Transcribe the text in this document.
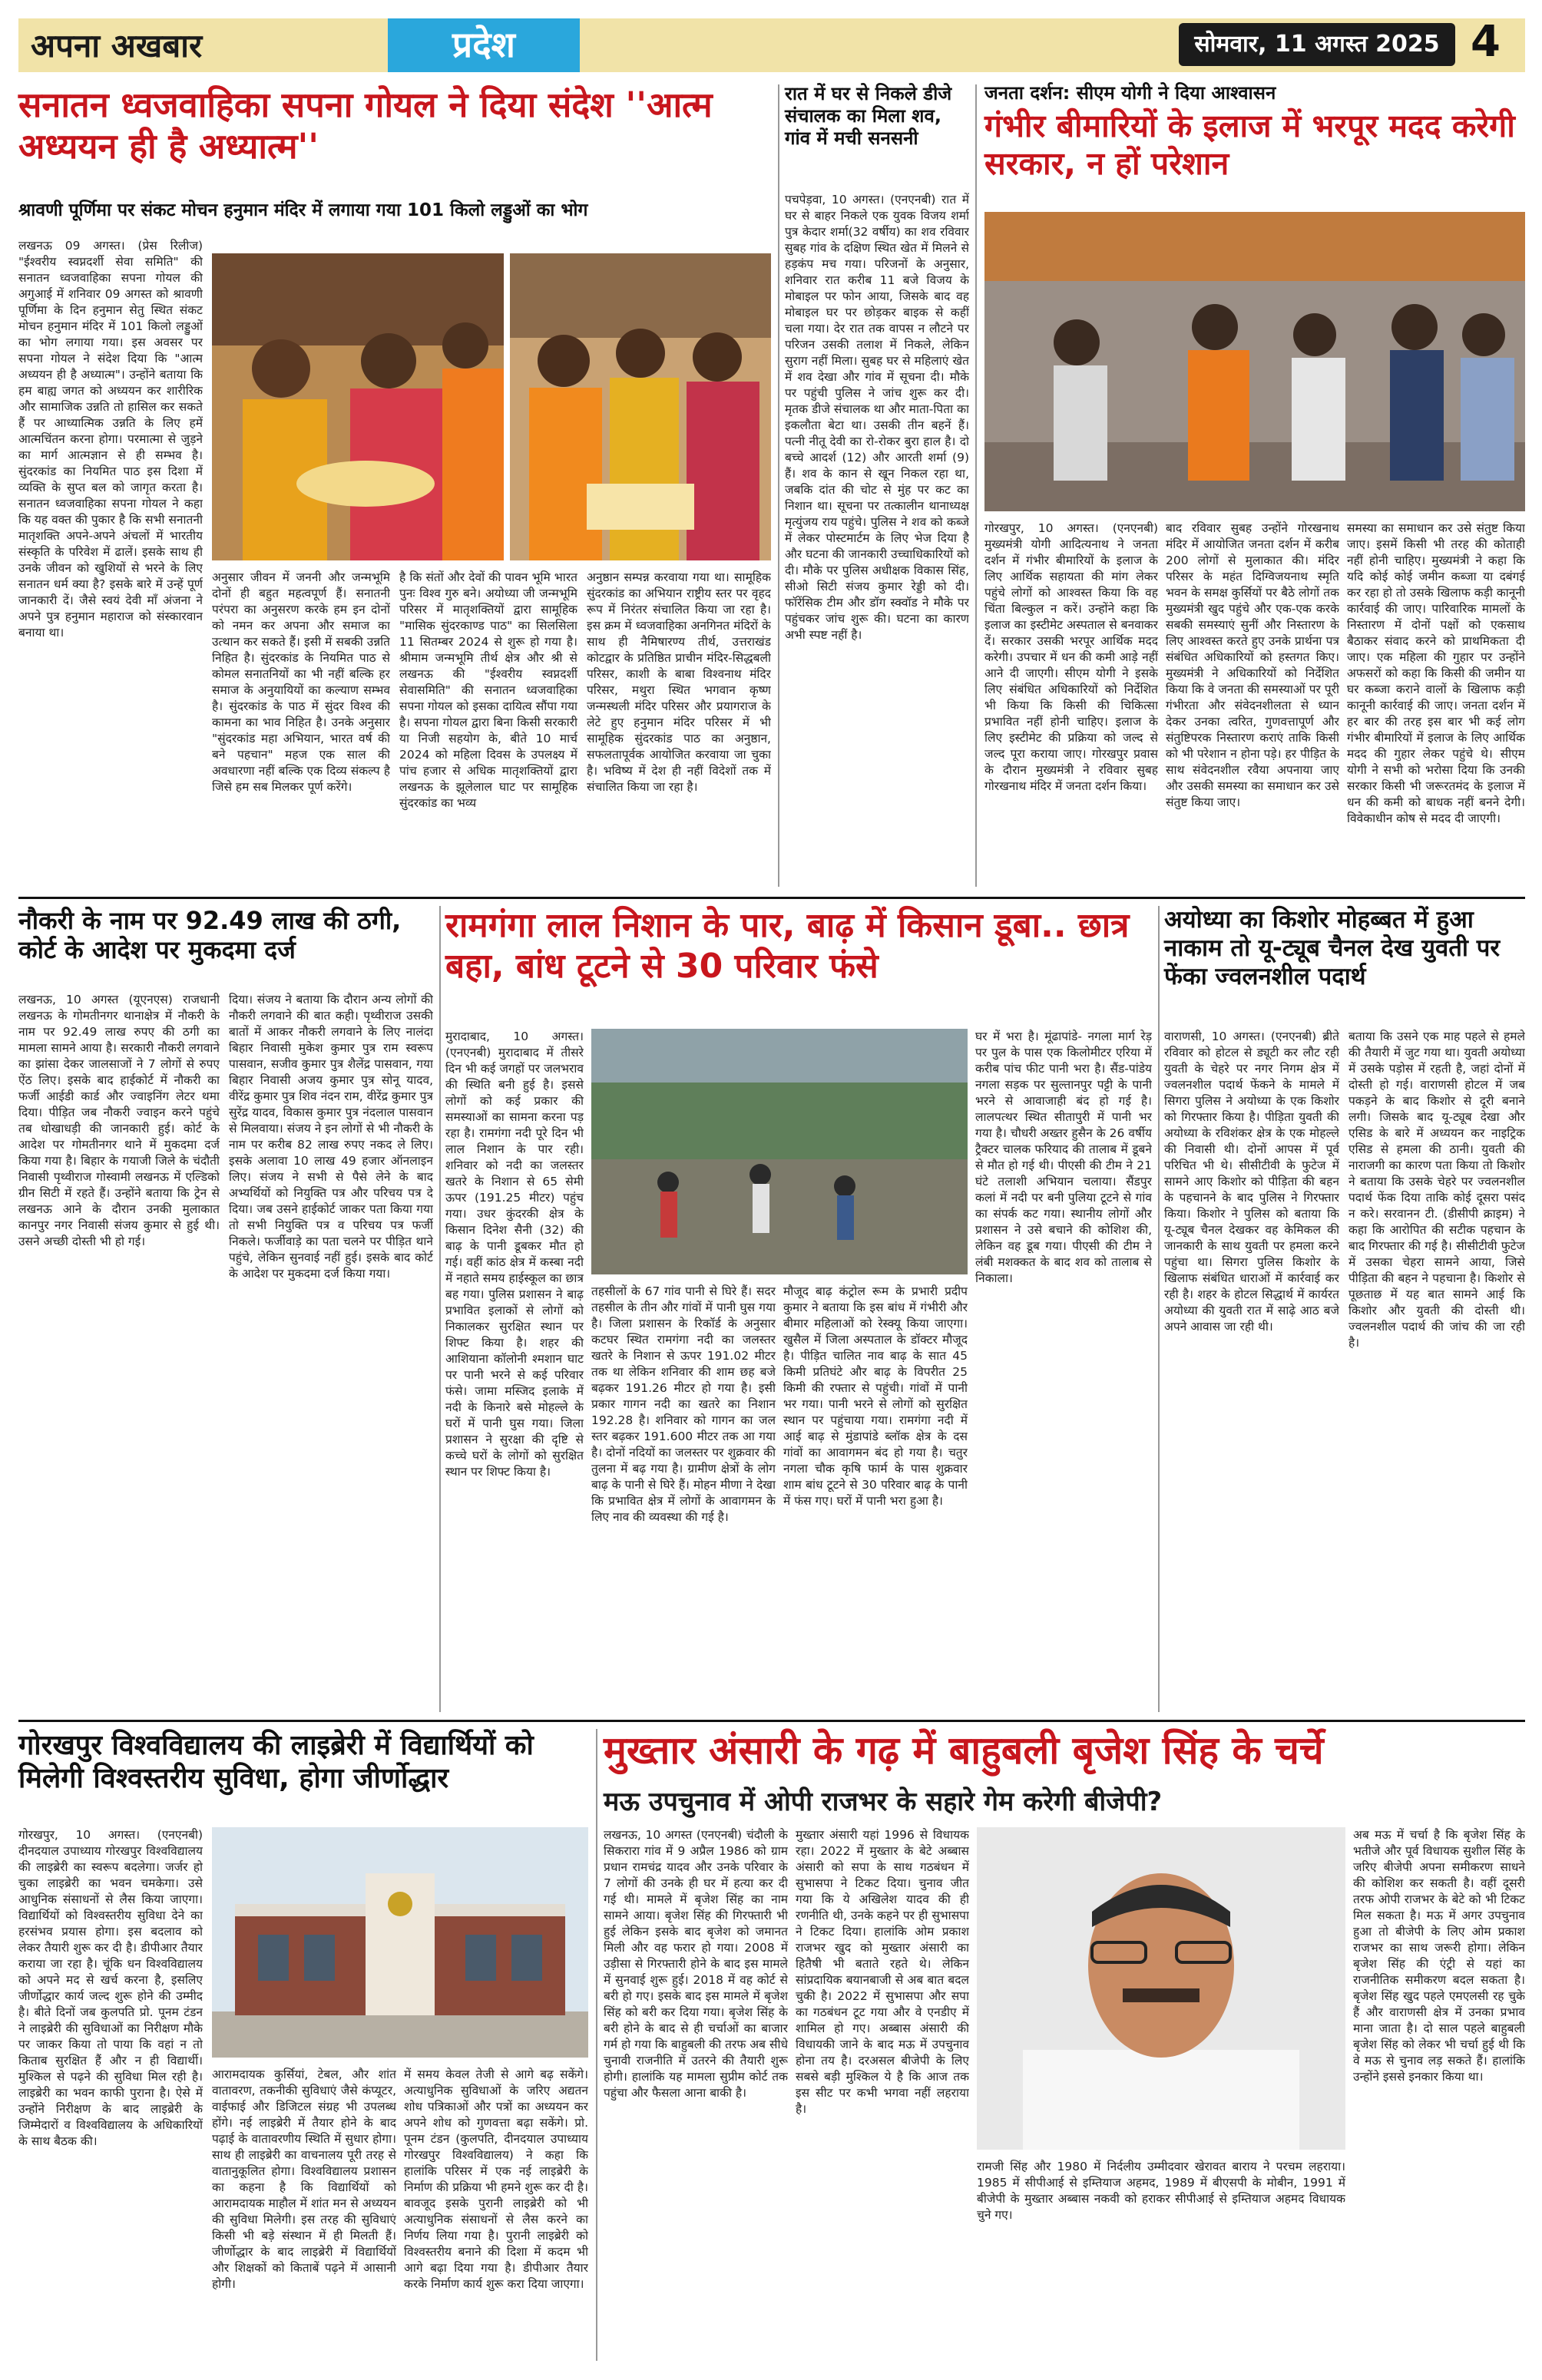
अपना अखबार	प्रदेश	सोमवार, 11 अगस्त 2025 4
सनातन ध्वजवाहिका सपना गोयल ने दिया संदेश ''आत्म अध्ययन ही है अध्यात्म''
श्रावणी पूर्णिमा पर संकट मोचन हनुमान मंदिर में लगाया गया 101 किलो लड्डुओं का भोग
लखनऊ 09 अगस्त। (प्रेस रिलीज) "ईश्वरीय स्वप्नदर्शी सेवा समिति" की सनातन ध्वजवाहिका सपना गोयल की अगुआई में शनिवार 09 अगस्त को श्रावणी पूर्णिमा के दिन हनुमान सेतु स्थित संकट मोचन हनुमान मंदिर में 101 किलो लड्डुओं का भोग लगाया गया। इस अवसर पर सपना गोयल ने संदेश दिया कि "आत्म अध्ययन ही है अध्यात्म"। उन्होंने बताया कि हम बाह्य जगत को अध्ययन कर शारीरिक और सामाजिक उन्नति तो हासिल कर सकते हैं पर आध्यात्मिक उन्नति के लिए हमें आत्मचिंतन करना होगा। परमात्मा से जुड़ने का मार्ग आत्मज्ञान से ही सम्भव है। सुंदरकांड का नियमित पाठ इस दिशा में व्यक्ति के सुप्त बल को जागृत करता है। सनातन ध्वजवाहिका सपना गोयल ने कहा कि यह वक्त की पुकार है कि सभी सनातनी मातृशक्ति अपने-अपने अंचलों में भारतीय संस्कृति के परिवेश में ढालें। इसके साथ ही उनके जीवन को खुशियों से भरने के लिए सनातन धर्म क्या है? इसके बारे में उन्हें पूर्ण जानकारी दें। जैसे स्वयं देवी माँ अंजना ने अपने पुत्र हनुमान महाराज को संस्कारवान बनाया था।
अनुसार जीवन में जननी और जन्मभूमि दोनों ही बहुत महत्वपूर्ण हैं। सनातनी परंपरा का अनुसरण करके हम इन दोनों को नमन कर अपना और समाज का उत्थान कर सकते हैं। इसी में सबकी उन्नति निहित है। सुंदरकांड के नियमित पाठ से कोमल सनातनियों का भी नहीं बल्कि हर समाज के अनुयायियों का कल्याण सम्भव है। सुंदरकांड के पाठ में सुंदर विश्व की कामना का भाव निहित है। उनके अनुसार "सुंदरकांड महा अभियान, भारत वर्ष की बने पहचान" महज एक साल की अवधारणा नहीं बल्कि एक दिव्य संकल्प है जिसे हम सब मिलकर पूर्ण करेंगे।
है कि संतों और देवों की पावन भूमि भारत पुनः विश्व गुरु बने। अयोध्या जी जन्मभूमि परिसर में मातृशक्तियों द्वारा सामूहिक "मासिक सुंदरकाण्ड पाठ" का सिलसिला 11 सितम्बर 2024 से शुरू हो गया है। श्रीमाम जन्मभूमि तीर्थ क्षेत्र और श्री से लखनऊ की "ईश्वरीय स्वप्नदर्शी सेवासमिति" की सनातन ध्वजवाहिका सपना गोयल को इसका दायित्व सौंपा गया है। सपना गोयल द्वारा बिना किसी सरकारी या निजी सहयोग के, बीते 10 मार्च 2024 को महिला दिवस के उपलक्ष्य में पांच हजार से अधिक मातृशक्तियों द्वारा लखनऊ के झूलेलाल घाट पर सामूहिक सुंदरकांड का भव्य
अनुष्ठान सम्पन्न करवाया गया था। सामूहिक सुंदरकांड का अभियान राष्ट्रीय स्तर पर वृहद रूप में निरंतर संचालित किया जा रहा है। इस क्रम में ध्वजवाहिका अनगिनत मंदिरों के साथ ही नैमिषारण्य तीर्थ, उत्तराखंड कोटद्वार के प्रतिष्ठित प्राचीन मंदिर-सिद्धबली परिसर, काशी के बाबा विश्वनाथ मंदिर परिसर, मथुरा स्थित भगवान कृष्ण जन्मस्थली मंदिर परिसर और प्रयागराज के लेटे हुए हनुमान मंदिर परिसर में भी सामूहिक सुंदरकांड पाठ का अनुष्ठान, सफलतापूर्वक आयोजित करवाया जा चुका है। भविष्य में देश ही नहीं विदेशों तक में संचालित किया जा रहा है।
रात में घर से निकले डीजे संचालक का मिला शव, गांव में मची सनसनी
पचपेड़वा, 10 अगस्त। (एनएनबी) रात में घर से बाहर निकले एक युवक विजय शर्मा पुत्र केदार शर्मा(32 वर्षीय) का शव रविवार सुबह गांव के दक्षिण स्थित खेत में मिलने से हड़कंप मच गया। परिजनों के अनुसार, शनिवार रात करीब 11 बजे विजय के मोबाइल पर फोन आया, जिसके बाद वह मोबाइल घर पर छोड़कर बाइक से कहीं चला गया। देर रात तक वापस न लौटने पर परिजन उसकी तलाश में निकले, लेकिन सुराग नहीं मिला। सुबह घर से महिलाएं खेत में शव देखा और गांव में सूचना दी। मौके पर पहुंची पुलिस ने जांच शुरू कर दी। मृतक डीजे संचालक था और माता-पिता का इकलौता बेटा था। उसकी तीन बहनें हैं। पत्नी नीतू देवी का रो-रोकर बुरा हाल है। दो बच्चे आदर्श (12) और आरती शर्मा (9) हैं। शव के कान से खून निकल रहा था, जबकि दांत की चोट से मुंह पर कट का निशान था। सूचना पर तत्कालीन थानाध्यक्ष मृत्युंजय राय पहुंचे। पुलिस ने शव को कब्जे में लेकर पोस्टमार्टम के लिए भेज दिया है और घटना की जानकारी उच्चाधिकारियों को दी। मौके पर पुलिस अधीक्षक विकास सिंह, सीओ सिटी संजय कुमार रेड्डी को दी। फॉरेंसिक टीम और डॉग स्क्वॉड ने मौके पर पहुंचकर जांच शुरू की। घटना का कारण अभी स्पष्ट नहीं है।
जनता दर्शन: सीएम योगी ने दिया आश्वासन
गंभीर बीमारियों के इलाज में भरपूर मदद करेगी सरकार, न हों परेशान
गोरखपुर, 10 अगस्त। (एनएनबी) मुख्यमंत्री योगी आदित्यनाथ ने जनता दर्शन में गंभीर बीमारियों के इलाज के लिए आर्थिक सहायता की मांग लेकर पहुंचे लोगों को आश्वस्त किया कि वह चिंता बिल्कुल न करें। उन्होंने कहा कि इलाज का इस्टीमेट अस्पताल से बनवाकर दें। सरकार उसकी भरपूर आर्थिक मदद करेगी। उपचार में धन की कमी आड़े नहीं आने दी जाएगी। सीएम योगी ने इसके लिए संबंधित अधिकारियों को निर्देशित भी किया कि किसी की चिकित्सा प्रभावित नहीं होनी चाहिए। इलाज के लिए इस्टीमेट की प्रक्रिया को जल्द से जल्द पूरा कराया जाए। गोरखपुर प्रवास के दौरान मुख्यमंत्री ने रविवार सुबह गोरखनाथ मंदिर में जनता दर्शन किया।
बाद रविवार सुबह उन्होंने गोरखनाथ मंदिर में आयोजित जनता दर्शन में करीब 200 लोगों से मुलाकात की। मंदिर परिसर के महंत दिग्विजयनाथ स्मृति भवन के समक्ष कुर्सियों पर बैठे लोगों तक मुख्यमंत्री खुद पहुंचे और एक-एक करके सबकी समस्याएं सुनीं और निस्तारण के लिए आश्वस्त करते हुए उनके प्रार्थना पत्र संबंधित अधिकारियों को हस्तगत किए। मुख्यमंत्री ने अधिकारियों को निर्देशित किया कि वे जनता की समस्याओं पर पूरी गंभीरता और संवेदनशीलता से ध्यान देकर उनका त्वरित, गुणवत्तापूर्ण और संतुष्टिपरक निस्तारण कराएं ताकि किसी को भी परेशान न होना पड़े। हर पीड़ित के साथ संवेदनशील रवैया अपनाया जाए और उसकी समस्या का समाधान कर उसे संतुष्ट किया जाए।
समस्या का समाधान कर उसे संतुष्ट किया जाए। इसमें किसी भी तरह की कोताही नहीं होनी चाहिए। मुख्यमंत्री ने कहा कि यदि कोई कोई जमीन कब्जा या दबंगई कर रहा हो तो उसके खिलाफ कड़ी कानूनी कार्रवाई की जाए। पारिवारिक मामलों के निस्तारण में दोनों पक्षों को एकसाथ बैठाकर संवाद करने को प्राथमिकता दी जाए। एक महिला की गुहार पर उन्होंने अफसरों को कहा कि किसी की जमीन या घर कब्जा कराने वालों के खिलाफ कड़ी कानूनी कार्रवाई की जाए। जनता दर्शन में हर बार की तरह इस बार भी कई लोग गंभीर बीमारियों में इलाज के लिए आर्थिक मदद की गुहार लेकर पहुंचे थे। सीएम योगी ने सभी को भरोसा दिया कि उनकी सरकार किसी भी जरूरतमंद के इलाज में धन की कमी को बाधक नहीं बनने देगी। विवेकाधीन कोष से मदद दी जाएगी।
नौकरी के नाम पर 92.49 लाख की ठगी, कोर्ट के आदेश पर मुकदमा दर्ज
लखनऊ, 10 अगस्त (यूएनएस) राजधानी लखनऊ के गोमतीनगर थानाक्षेत्र में नौकरी के नाम पर 92.49 लाख रुपए की ठगी का मामला सामने आया है। सरकारी नौकरी लगवाने का झांसा देकर जालसाजों ने 7 लोगों से रुपए ऐंठ लिए। इसके बाद हाईकोर्ट में नौकरी का फर्जी आईडी कार्ड और ज्वाइनिंग लेटर थमा दिया। पीड़ित जब नौकरी ज्वाइन करने पहुंचे तब धोखाधड़ी की जानकारी हुई। कोर्ट के आदेश पर गोमतीनगर थाने में मुकदमा दर्ज किया गया है। बिहार के गयाजी जिले के चंदौती निवासी पृथ्वीराज गोस्वामी लखनऊ में एल्डिको ग्रीन सिटी में रहते हैं। उन्होंने बताया कि ट्रेन से लखनऊ आने के दौरान उनकी मुलाकात कानपुर नगर निवासी संजय कुमार से हुई थी। उसने अच्छी दोस्ती भी हो गई।
दिया। संजय ने बताया कि दौरान अन्य लोगों की नौकरी लगवाने की बात कही। पृथ्वीराज उसकी बातों में आकर नौकरी लगवाने के लिए नालंदा बिहार निवासी मुकेश कुमार पुत्र राम स्वरूप पासवान, सजीव कुमार पुत्र शैलेंद्र पासवान, गया बिहार निवासी अजय कुमार पुत्र सोनू यादव, वीरेंद्र कुमार पुत्र शिव नंदन राम, वीरेंद्र कुमार पुत्र सुरेंद्र यादव, विकास कुमार पुत्र नंदलाल पासवान से मिलवाया। संजय ने इन लोगों से भी नौकरी के नाम पर करीब 82 लाख रुपए नकद ले लिए। इसके अलावा 10 लाख 49 हजार ऑनलाइन लिए। संजय ने सभी से पैसे लेने के बाद अभ्यर्थियों को नियुक्ति पत्र और परिचय पत्र दे दिया। जब उसने हाईकोर्ट जाकर पता किया गया तो सभी नियुक्ति पत्र व परिचय पत्र फर्जी निकले। फर्जीवाड़े का पता चलने पर पीड़ित थाने पहुंचे, लेकिन सुनवाई नहीं हुई। इसके बाद कोर्ट के आदेश पर मुकदमा दर्ज किया गया।
रामगंगा लाल निशान के पार, बाढ़ में किसान डूबा.. छात्र बहा, बांध टूटने से 30 परिवार फंसे
मुरादाबाद, 10 अगस्त। (एनएनबी) मुरादाबाद में तीसरे दिन भी कई जगहों पर जलभराव की स्थिति बनी हुई है। इससे लोगों को कई प्रकार की समस्याओं का सामना करना पड़ रहा है। रामगंगा नदी पूरे दिन भी लाल निशान के पार रही। शनिवार को नदी का जलस्तर खतरे के निशान से 65 सेमी ऊपर (191.25 मीटर) पहुंच गया। उधर कुंदरकी क्षेत्र के किसान दिनेश सैनी (32) की बाढ़ के पानी डूबकर मौत हो गई। वहीं कांठ क्षेत्र में कस्बा नदी में नहाते समय हाईस्कूल का छात्र बह गया। पुलिस प्रशासन ने बाढ़ प्रभावित इलाकों से लोगों को निकालकर सुरक्षित स्थान पर शिफ्ट किया है। शहर की आशियाना कॉलोनी श्मशान घाट पर पानी भरने से कई परिवार फंसे। जामा मस्जिद इलाके में नदी के किनारे बसे मोहल्ले के घरों में पानी घुस गया। जिला प्रशासन ने सुरक्षा की दृष्टि से कच्चे घरों के लोगों को सुरक्षित स्थान पर शिफ्ट किया है।
तहसीलों के 67 गांव पानी से घिरे हैं। सदर तहसील के तीन और गांवों में पानी घुस गया है। जिला प्रशासन के रिकॉर्ड के अनुसार कटघर स्थित रामगंगा नदी का जलस्तर खतरे के निशान से ऊपर 191.02 मीटर तक था लेकिन शनिवार की शाम छह बजे बढ़कर 191.26 मीटर हो गया है। इसी प्रकार गागन नदी का खतरे का निशान 192.28 है। शनिवार को गागन का जल स्तर बढ़कर 191.600 मीटर तक आ गया है। दोनों नदियों का जलस्तर पर शुक्रवार की तुलना में बढ़ गया है। ग्रामीण क्षेत्रों के लोग बाढ़ के पानी से घिरे हैं। मोहन मीणा ने देखा कि प्रभावित क्षेत्र में लोगों के आवागमन के लिए नाव की व्यवस्था की गई है।
मौजूद बाढ़ कंट्रोल रूम के प्रभारी प्रदीप कुमार ने बताया कि इस बांध में गंभीरी और बीमार महिलाओं को रेस्क्यू किया जाएगा। खुसैल में जिला अस्पताल के डॉक्टर मौजूद है। पीड़ित चालित नाव बाढ़ के सात 45 किमी प्रतिघंटे और बाढ़ के विपरीत 25 किमी की रफ्तार से पहुंची। गांवों में पानी भर गया। पानी भरने से लोगों को सुरक्षित स्थान पर पहुंचाया गया। रामगंगा नदी में आई बाढ़ से मुंडापांडे ब्लॉक क्षेत्र के दस गांवों का आवागमन बंद हो गया है। चतुर नगला चौक कृषि फार्म के पास शुक्रवार शाम बांध टूटने से 30 परिवार बाढ़ के पानी में फंस गए। घरों में पानी भरा हुआ है।
घर में भरा है। मूंढापांडे- नगला मार्ग रेड़ पर पुल के पास एक किलोमीटर एरिया में करीब पांच फीट पानी भरा है। सैंड-पांडेय नगला सड़क पर सुल्तानपुर पट्टी के पानी भरने से आवाजाही बंद हो गई है। लालपत्थर स्थित सीतापुरी में पानी भर गया है। चौधरी अख्तर हुसैन के 26 वर्षीय ट्रैक्टर चालक फरियाद की तालाब में डूबने से मौत हो गई थी। पीएसी की टीम ने 21 घंटे तलाशी अभियान चलाया। सैंडपुर कलां में नदी पर बनी पुलिया टूटने से गांव का संपर्क कट गया। स्थानीय लोगों और प्रशासन ने उसे बचाने की कोशिश की, लेकिन वह डूब गया। पीएसी की टीम ने लंबी मशक्कत के बाद शव को तालाब से निकाला।
अयोध्या का किशोर मोहब्बत में हुआ नाकाम तो यू-ट्यूब चैनल देख युवती पर फेंका ज्वलनशील पदार्थ
वाराणसी, 10 अगस्त। (एनएनबी) ब्रीते रविवार को होटल से ड्यूटी कर लौट रही युवती के चेहरे पर नगर निगम क्षेत्र में ज्वलनशील पदार्थ फेंकने के मामले में सिगरा पुलिस ने अयोध्या के एक किशोर को गिरफ्तार किया है। पीड़िता युवती की अयोध्या के रविशंकर क्षेत्र के एक मोहल्ले की निवासी थी। दोनों आपस में पूर्व परिचित भी थे। सीसीटीवी के फुटेज में सामने आए किशोर को पीड़िता की बहन के पहचानने के बाद पुलिस ने गिरफ्तार किया। किशोर ने पुलिस को बताया कि यू-ट्यूब चैनल देखकर वह केमिकल की जानकारी के साथ युवती पर हमला करने पहुंचा था। सिगरा पुलिस किशोर के खिलाफ संबंधित धाराओं में कार्रवाई कर रही है। शहर के होटल सिद्धार्थ में कार्यरत अयोध्या की युवती रात में साढ़े आठ बजे अपने आवास जा रही थी।
बताया कि उसने एक माह पहले से हमले की तैयारी में जुट गया था। युवती अयोध्या में उसके पड़ोस में रहती है, जहां दोनों में दोस्ती हो गई। वाराणसी होटल में जब पकड़ने के बाद किशोर से दूरी बनाने लगी। जिसके बाद यू-ट्यूब देखा और एसिड के बारे में अध्ययन कर नाइट्रिक एसिड से हमला की ठानी। युवती की नाराजगी का कारण पता किया तो किशोर ने बताया कि उसके चेहरे पर ज्वलनशील पदार्थ फेंक दिया ताकि कोई दूसरा पसंद न करे। सरवानन टी. (डीसीपी क्राइम) ने कहा कि आरोपित की सटीक पहचान के बाद गिरफ्तार की गई है। सीसीटीवी फुटेज में उसका चेहरा सामने आया, जिसे पीड़िता की बहन ने पहचाना है। किशोर से पूछताछ में यह बात सामने आई कि किशोर और युवती की दोस्ती थी। ज्वलनशील पदार्थ की जांच की जा रही है।
गोरखपुर विश्वविद्यालय की लाइब्रेरी में विद्यार्थियों को मिलेगी विश्वस्तरीय सुविधा, होगा जीर्णोद्धार
गोरखपुर, 10 अगस्त। (एनएनबी) दीनदयाल उपाध्याय गोरखपुर विश्वविद्यालय की लाइब्रेरी का स्वरूप बदलेगा। जर्जर हो चुका लाइब्रेरी का भवन चमकेगा। उसे आधुनिक संसाधनों से लैस किया जाएगा। विद्यार्थियों को विश्वस्तरीय सुविधा देने का हरसंभव प्रयास होगा। इस बदलाव को लेकर तैयारी शुरू कर दी है। डीपीआर तैयार कराया जा रहा है। चूंकि धन विश्वविद्यालय को अपने मद से खर्च करना है, इसलिए जीर्णोद्धार कार्य जल्द शुरू होने की उम्मीद है। बीते दिनों जब कुलपति प्रो. पूनम टंडन ने लाइब्रेरी की सुविधाओं का निरीक्षण मौके पर जाकर किया तो पाया कि वहां न तो किताब सुरक्षित हैं और न ही विद्यार्थी। मुश्किल से पढ़ने की सुविधा मिल रही है। लाइब्रेरी का भवन काफी पुराना है। ऐसे में उन्होंने निरीक्षण के बाद लाइब्रेरी के जिम्मेदारों व विश्वविद्यालय के अधिकारियों के साथ बैठक की।
आरामदायक कुर्सियां, टेबल, और शांत वातावरण, तकनीकी सुविधाएं जैसे कंप्यूटर, वाईफाई और डिजिटल संग्रह भी उपलब्ध होंगे। नई लाइब्रेरी में तैयार होने के बाद पढ़ाई के वातावरणीय स्थिति में सुधार होगा। साथ ही लाइब्रेरी का वाचनालय पूरी तरह से वातानुकूलित होगा। विश्वविद्यालय प्रशासन का कहना है कि विद्यार्थियों को आरामदायक माहौल में शांत मन से अध्ययन की सुविधा मिलेगी। इस तरह की सुविधाएं किसी भी बड़े संस्थान में ही मिलती हैं। जीर्णोद्धार के बाद लाइब्रेरी में विद्यार्थियों और शिक्षकों को किताबें पढ़ने में आसानी होगी।
में समय केवल तेजी से आगे बढ़ सकेंगे। अत्याधुनिक सुविधाओं के जरिए अद्यतन शोध पत्रिकाओं और पत्रों का अध्ययन कर अपने शोध को गुणवत्ता बढ़ा सकेंगे। प्रो. पूनम टंडन (कुलपति, दीनदयाल उपाध्याय गोरखपुर विश्वविद्यालय) ने कहा कि हालांकि परिसर में एक नई लाइब्रेरी के निर्माण की प्रक्रिया भी हमने शुरू कर दी है। बावजूद इसके पुरानी लाइब्रेरी को भी अत्याधुनिक संसाधनों से लैस करने का निर्णय लिया गया है। पुरानी लाइब्रेरी को विश्वस्तरीय बनाने की दिशा में कदम भी आगे बढ़ा दिया गया है। डीपीआर तैयार करके निर्माण कार्य शुरू करा दिया जाएगा।
मुख्तार अंसारी के गढ़ में बाहुबली बृजेश सिंह के चर्चे
मऊ उपचुनाव में ओपी राजभर के सहारे गेम करेगी बीजेपी?
लखनऊ, 10 अगस्त (एनएनबी) चंदौली के सिकरारा गांव में 9 अप्रैल 1986 को ग्राम प्रधान रामचंद्र यादव और उनके परिवार के 7 लोगों की उनके ही घर में हत्या कर दी गई थी। मामले में बृजेश सिंह का नाम सामने आया। बृजेश सिंह की गिरफ्तारी भी हुई लेकिन इसके बाद बृजेश को जमानत मिली और वह फरार हो गया। 2008 में उड़ीसा से गिरफ्तारी होने के बाद इस मामले में सुनवाई शुरू हुई। 2018 में वह कोर्ट से बरी हो गए। इसके बाद इस मामले में बृजेश सिंह को बरी कर दिया गया। बृजेश सिंह के बरी होने के बाद से ही चर्चाओं का बाजार गर्म हो गया कि बाहुबली की तरफ अब सीधे चुनावी राजनीति में उतरने की तैयारी शुरू होगी। हालांकि यह मामला सुप्रीम कोर्ट तक पहुंचा और फैसला आना बाकी है।
मुख्तार अंसारी यहां 1996 से विधायक रहा। 2022 में मुख्तार के बेटे अब्बास अंसारी को सपा के साथ गठबंधन में सुभासपा ने टिकट दिया। चुनाव जीत गया कि ये अखिलेश यादव की ही रणनीति थी, उनके कहने पर ही सुभासपा ने टिकट दिया। हालांकि ओम प्रकाश राजभर खुद को मुख्तार अंसारी का हितैषी भी बताते रहते थे। लेकिन सांप्रदायिक बयानबाजी से अब बात बदल चुकी है। 2022 में सुभासपा और सपा का गठबंधन टूट गया और वे एनडीए में शामिल हो गए। अब्बास अंसारी की विधायकी जाने के बाद मऊ में उपचुनाव होना तय है। दरअसल बीजेपी के लिए सबसे बड़ी मुश्किल ये है कि आज तक इस सीट पर कभी भगवा नहीं लहराया है।
रामजी सिंह और 1980 में निर्दलीय उम्मीदवार खेरावत बाराय ने परचम लहराया। 1985 में सीपीआई से इम्तियाज अहमद, 1989 में बीएसपी के मोबीन, 1991 में बीजेपी के मुख्तार अब्बास नकवी को हराकर सीपीआई से इम्तियाज अहमद विधायक चुने गए।
अब मऊ में चर्चा है कि बृजेश सिंह के भतीजे और पूर्व विधायक सुशील सिंह के जरिए बीजेपी अपना समीकरण साधने की कोशिश कर सकती है। वहीं दूसरी तरफ ओपी राजभर के बेटे को भी टिकट मिल सकता है। मऊ में अगर उपचुनाव हुआ तो बीजेपी के लिए ओम प्रकाश राजभर का साथ जरूरी होगा। लेकिन बृजेश सिंह की एंट्री से यहां का राजनीतिक समीकरण बदल सकता है। बृजेश सिंह खुद पहले एमएलसी रह चुके हैं और वाराणसी क्षेत्र में उनका प्रभाव माना जाता है। दो साल पहले बाहुबली बृजेश सिंह को लेकर भी चर्चा हुई थी कि वे मऊ से चुनाव लड़ सकते हैं। हालांकि उन्होंने इससे इनकार किया था।
